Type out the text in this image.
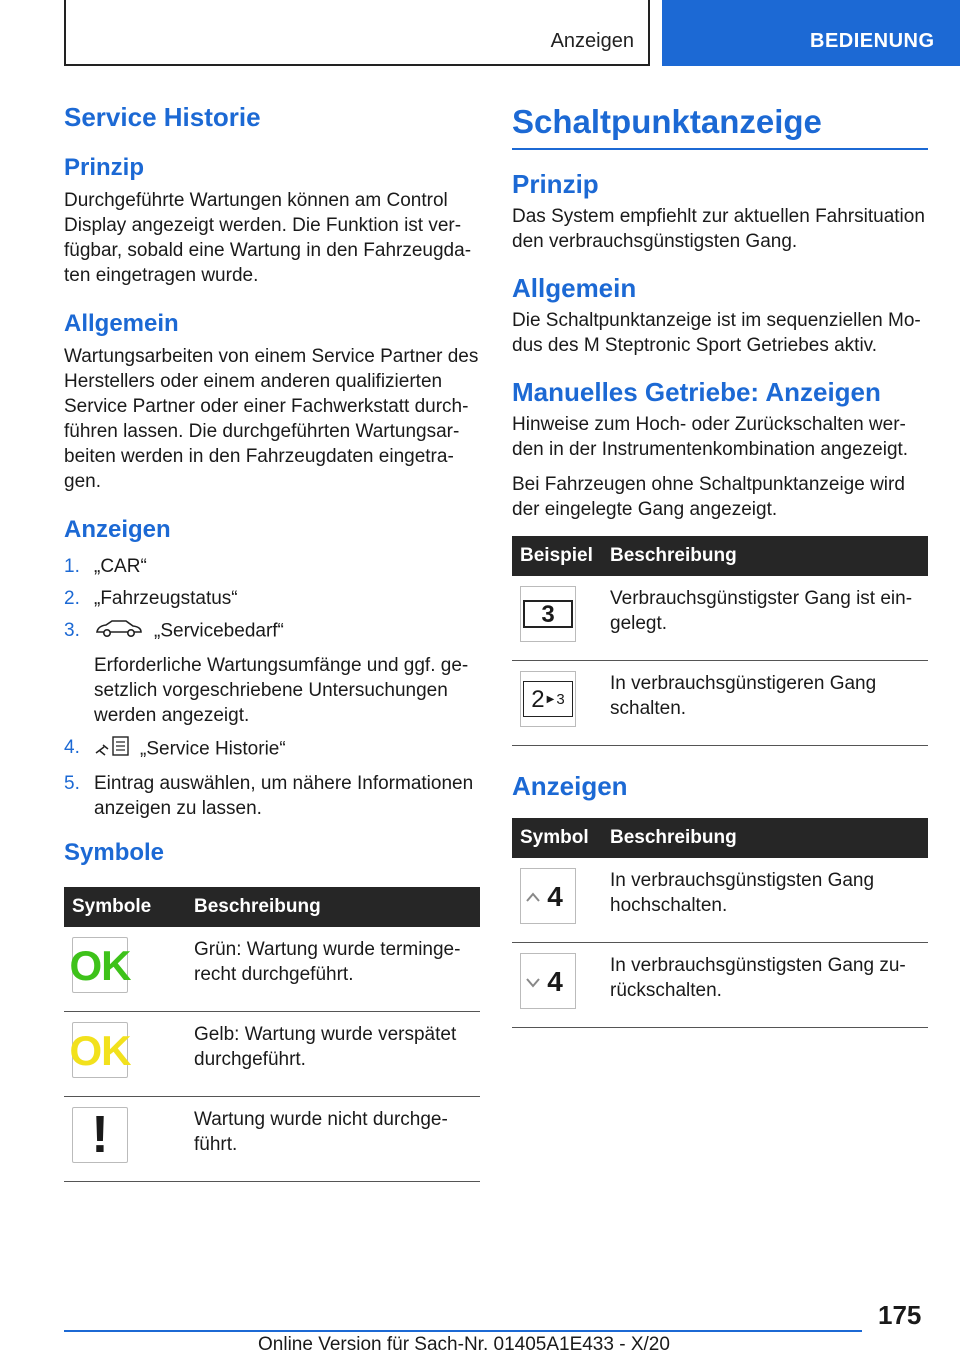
Anzeigen	BEDIENUNG
Service Historie
Prinzip

Durchgeführte Wartungen können am Control Display angezeigt werden. Die Funktion ist verfügbar, sobald eine Wartung in den Fahrzeugdaten eingetragen wurde.

Allgemein

Wartungsarbeiten von einem Service Partner des Herstellers oder einem anderen qualifizierten Service Partner oder einer Fachwerkstatt durchführen lassen. Die durchgeführten Wartungsarbeiten werden in den Fahrzeugdaten eingetragen.

Anzeigen
1. „CAR“
2. „Fahrzeugstatus“
3.	„Servicebedarf“
Erforderliche Wartungsumfänge und ggf. gesetzlich vorgeschriebene Untersuchungen werden angezeigt.
4.	„Service Historie“
5. Eintrag auswählen, um nähere Informationen anzeigen zu lassen.
Symbole
Symbole	Beschreibung

OK	Grün: Wartung wurde termingerecht durchgeführt.

OK	Gelb: Wartung wurde verspätet durchgeführt.

!	Wartung wurde nicht durchgeführt.
Schaltpunktanzeige
Prinzip

Das System empfiehlt zur aktuellen Fahrsituation den verbrauchsgünstigsten Gang.

Allgemein

Die Schaltpunktanzeige ist im sequenziellen Modus des M Steptronic Sport Getriebes aktiv.

Manuelles Getriebe: Anzeigen

Hinweise zum Hoch- oder Zurückschalten werden in der Instrumentenkombination angezeigt.

Bei Fahrzeugen ohne Schaltpunktanzeige wird der eingelegte Gang angezeigt.

Beispiel	Beschreibung

3	Verbrauchsgünstigster Gang ist eingelegt.

2 ▶ 3	In verbrauchsgünstigeren Gang schalten.
Anzeigen
Symbol	Beschreibung

4	In verbrauchsgünstigsten Gang hochschalten.

4	In verbrauchsgünstigsten Gang zurückschalten.
175
Online Version für Sach-Nr. 01405A1E433 - X/20
